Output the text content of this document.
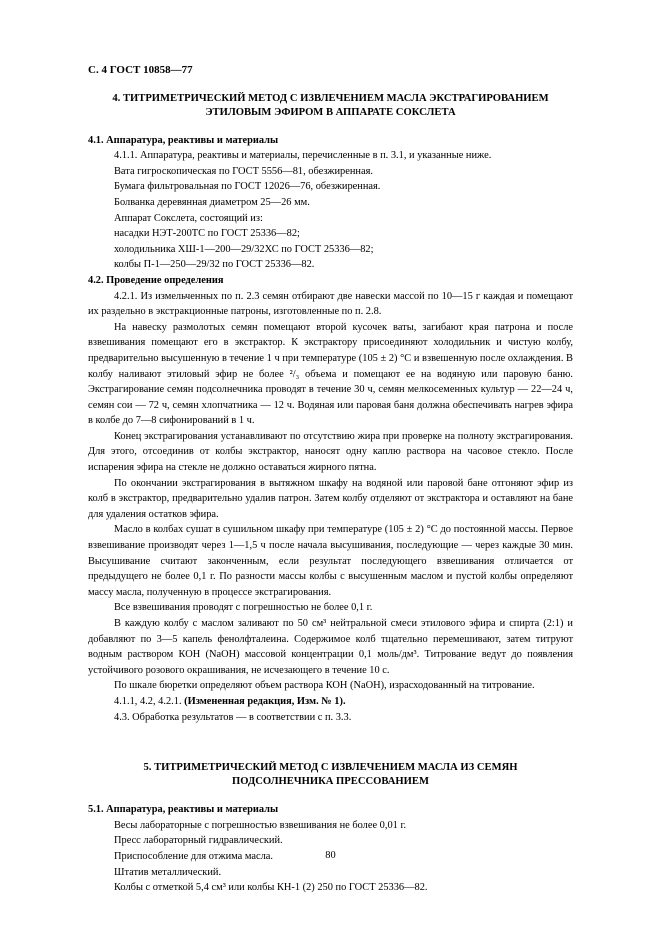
С. 4 ГОСТ 10858—77
4. ТИТРИМЕТРИЧЕСКИЙ МЕТОД С ИЗВЛЕЧЕНИЕМ МАСЛА ЭКСТРАГИРОВАНИЕМ
ЭТИЛОВЫМ ЭФИРОМ В АППАРАТЕ СОКСЛЕТА
4.1. Аппаратура, реактивы и материалы

4.1.1. Аппаратура, реактивы и материалы, перечисленные в п. 3.1, и указанные ниже.

Вата гигроскопическая по ГОСТ 5556—81, обезжиренная.

Бумага фильтровальная по ГОСТ 12026—76, обезжиренная.

Болванка деревянная диаметром 25—26 мм.

Аппарат Сокслета, состоящий из:

насадки НЭТ-200ТС по ГОСТ 25336—82;

холодильника ХШ-1—200—29/32ХС по ГОСТ 25336—82;

колбы П-1—250—29/32 по ГОСТ 25336—82.

4.2. Проведение определения

4.2.1. Из измельченных по п. 2.3 семян отбирают две навески массой по 10—15 г каждая и помещают их раздельно в экстракционные патроны, изготовленные по п. 2.8.

На навеску размолотых семян помещают второй кусочек ваты, загибают края патрона и после взвешивания помещают его в экстрактор. К экстрактору присоединяют холодильник и чистую колбу, предварительно высушенную в течение 1 ч при температуре (105 ± 2) °С и взвешенную после охлаждения. В колбу наливают этиловый эфир не более ²/₃ объема и помещают ее на водяную или паровую баню. Экстрагирование семян подсолнечника проводят в течение 30 ч, семян мелкосеменных культур — 22—24 ч, семян сои — 72 ч, семян хлопчатника — 12 ч. Водяная или паровая баня должна обеспечивать нагрев эфира в колбе до 7—8 сифонирований в 1 ч.

Конец экстрагирования устанавливают по отсутствию жира при проверке на полноту экстрагирования. Для этого, отсоединив от колбы экстрактор, наносят одну каплю раствора на часовое стекло. После испарения эфира на стекле не должно оставаться жирного пятна.

По окончании экстрагирования в вытяжном шкафу на водяной или паровой бане отгоняют эфир из колб в экстрактор, предварительно удалив патрон. Затем колбу отделяют от экстрактора и оставляют на бане для удаления остатков эфира.

Масло в колбах сушат в сушильном шкафу при температуре (105 ± 2) °С до постоянной массы. Первое взвешивание производят через 1—1,5 ч после начала высушивания, последующие — через каждые 30 мин. Высушивание считают законченным, если результат последующего взвешивания отличается от предыдущего не более 0,1 г. По разности массы колбы с высушенным маслом и пустой колбы определяют массу масла, полученную в процессе экстрагирования.

Все взвешивания проводят с погрешностью не более 0,1 г.

В каждую колбу с маслом заливают по 50 см³ нейтральной смеси этилового эфира и спирта (2:1) и добавляют по 3—5 капель фенолфталеина. Содержимое колб тщательно перемешивают, затем титруют водным раствором КОН (NaOH) массовой концентрации 0,1 моль/дм³. Титрование ведут до появления устойчивого розового окрашивания, не исчезающего в течение 10 с.

По шкале бюретки определяют объем раствора КОН (NaOH), израсходованный на титрование.

4.1.1, 4.2, 4.2.1. (Измененная редакция, Изм. № 1).

4.3. Обработка результатов — в соответствии с п. 3.3.

5. ТИТРИМЕТРИЧЕСКИЙ МЕТОД С ИЗВЛЕЧЕНИЕМ МАСЛА ИЗ СЕМЯН
ПОДСОЛНЕЧНИКА ПРЕССОВАНИЕМ
5.1. Аппаратура, реактивы и материалы

Весы лабораторные с погрешностью взвешивания не более 0,01 г.

Пресс лабораторный гидравлический.

Приспособление для отжима масла.

Штатив металлический.

Колбы с отметкой 5,4 см³ или колбы КН-1 (2) 250 по ГОСТ 25336—82.

80
